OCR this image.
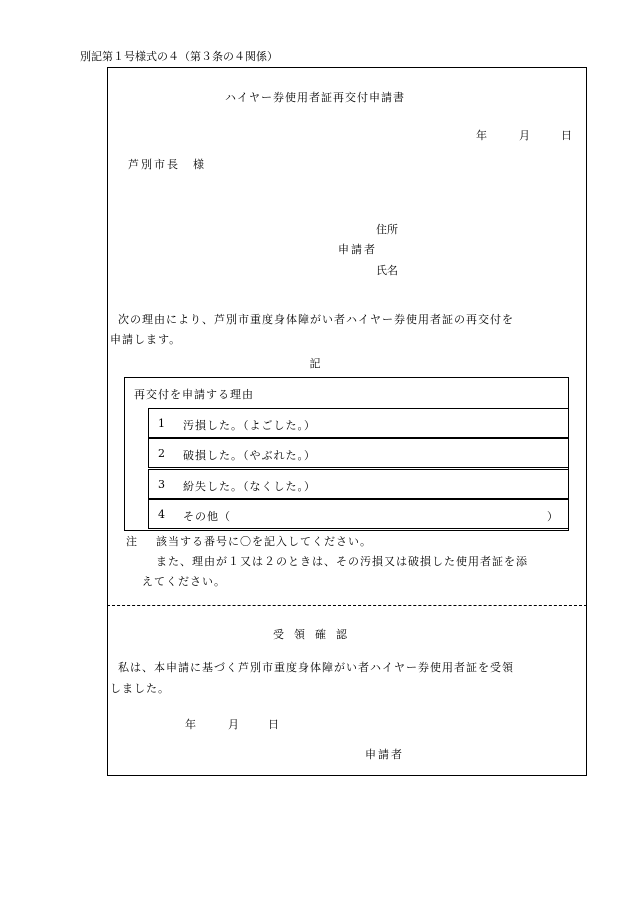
別記第１号様式の４（第３条の４関係）
ハイヤー券使用者証再交付申請書
年	月	日
芦別市長　様
住所
申請者
氏名
次の理由により、芦別市重度身体障がい者ハイヤー券使用者証の再交付を
申請します。
記
再交付を申請する理由
1 汚損した。（よごした。）
2 破損した。（やぶれた。）
3 紛失した。（なくした。）
4 その他（	）
注 該当する番号に〇を記入してください。
また、理由が１又は２のときは、その汚損又は破損した使用者証を添
えてください。
受領確認
私は、本申請に基づく芦別市重度身体障がい者ハイヤー券使用者証を受領
しました。
年	月	日
申請者
